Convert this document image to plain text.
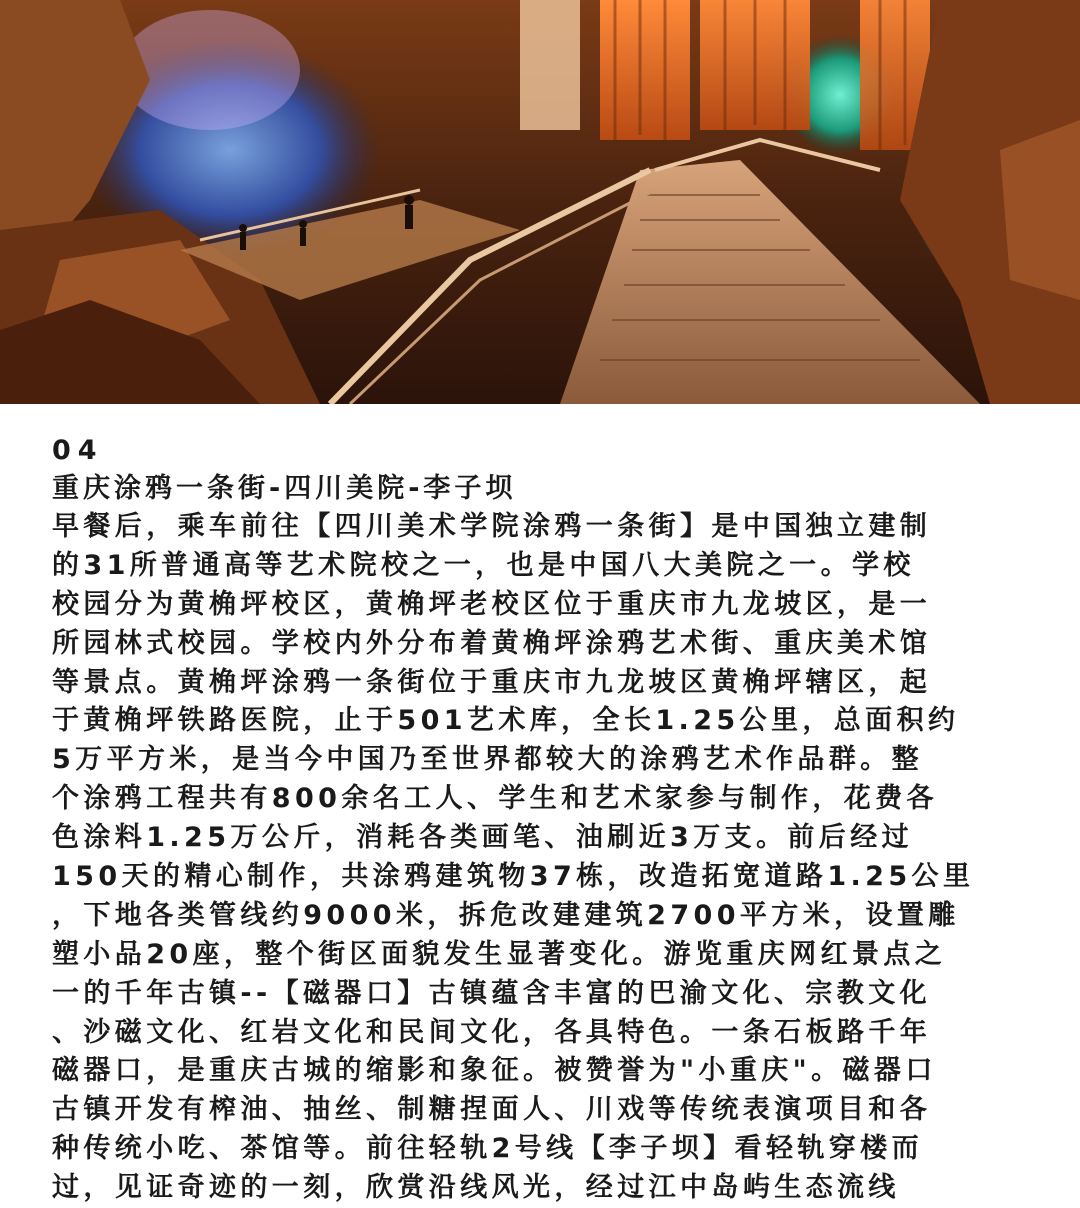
04
重庆涂鸦一条街-四川美院-李子坝
早餐后，乘车前往【四川美术学院涂鸦一条街】是中国独立建制
的31所普通高等艺术院校之一，也是中国八大美院之一。学校
校园分为黄桷坪校区，黄桷坪老校区位于重庆市九龙坡区，是一
所园林式校园。学校内外分布着黄桷坪涂鸦艺术街、重庆美术馆
等景点。黄桷坪涂鸦一条街位于重庆市九龙坡区黄桷坪辖区，起
于黄桷坪铁路医院，止于501艺术库，全长1.25公里，总面积约
5万平方米，是当今中国乃至世界都较大的涂鸦艺术作品群。整
个涂鸦工程共有800余名工人、学生和艺术家参与制作，花费各
色涂料1.25万公斤，消耗各类画笔、油刷近3万支。前后经过
150天的精心制作，共涂鸦建筑物37栋，改造拓宽道路1.25公里
，下地各类管线约9000米，拆危改建建筑2700平方米，设置雕
塑小品20座，整个街区面貌发生显著变化。游览重庆网红景点之
一的千年古镇--【磁器口】古镇蕴含丰富的巴渝文化、宗教文化
、沙磁文化、红岩文化和民间文化，各具特色。一条石板路千年
磁器口，是重庆古城的缩影和象征。被赞誉为"小重庆"。磁器口
古镇开发有榨油、抽丝、制糖捏面人、川戏等传统表演项目和各
种传统小吃、茶馆等。前往轻轨2号线【李子坝】看轻轨穿楼而
过，见证奇迹的一刻，欣赏沿线风光，经过江中岛屿生态流线
